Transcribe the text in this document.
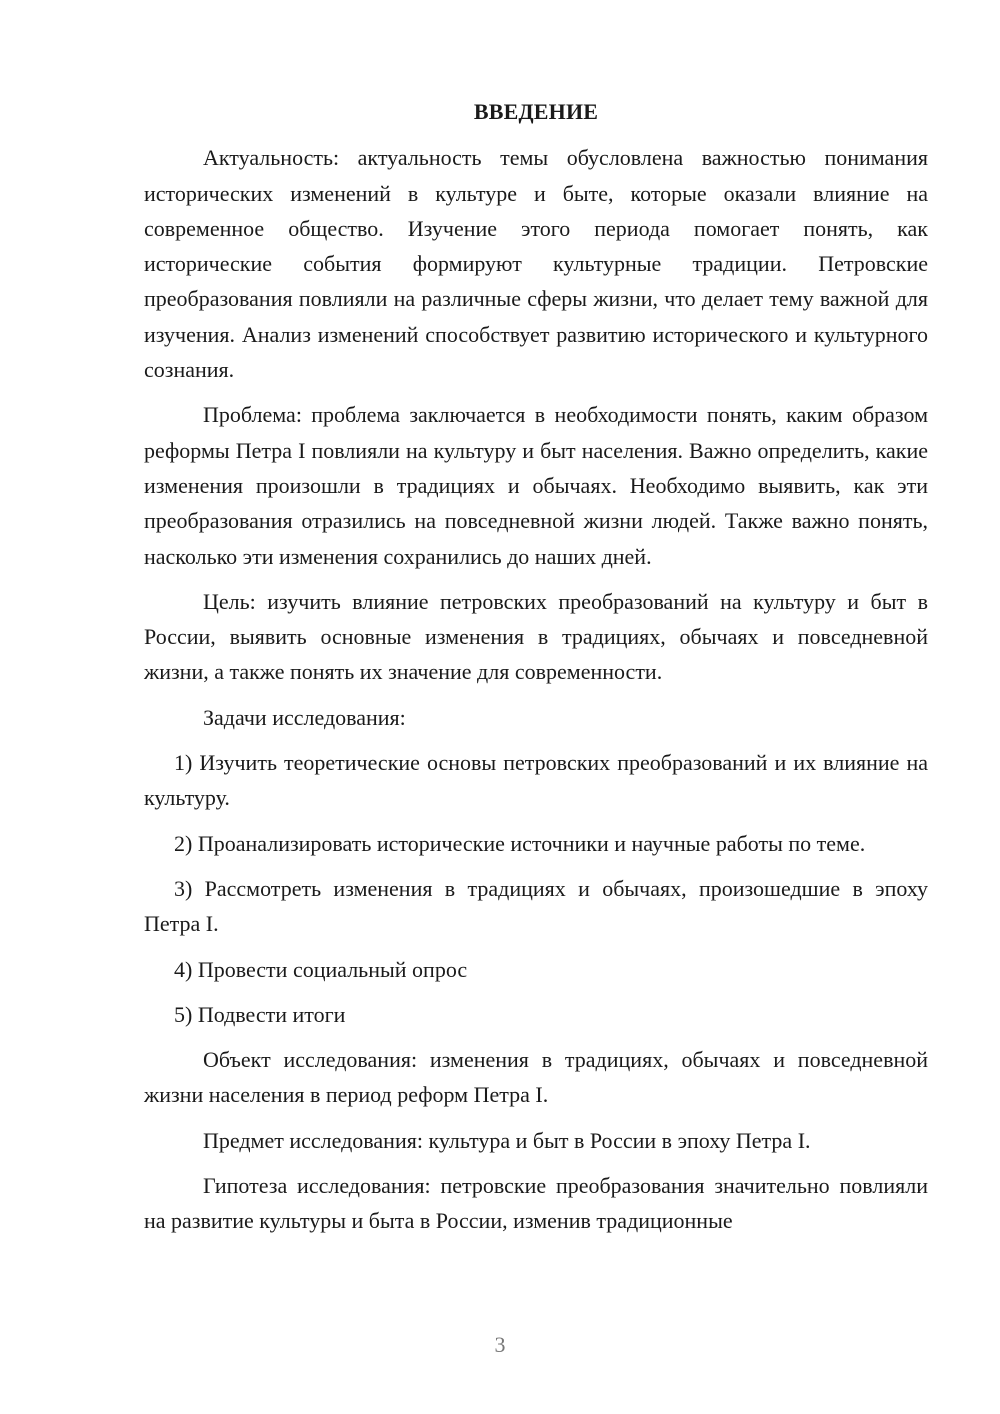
ВВЕДЕНИЕ

Актуальность: актуальность темы обусловлена важностью понимания исторических изменений в культуре и быте, которые оказали влияние на современное общество. Изучение этого периода помогает понять, как исторические события формируют культурные традиции. Петровские преобразования повлияли на различные сферы жизни, что делает тему важной для изучения. Анализ изменений способствует развитию исторического и культурного сознания.

Проблема: проблема заключается в необходимости понять, каким образом реформы Петра I повлияли на культуру и быт населения. Важно определить, какие изменения произошли в традициях и обычаях. Необходимо выявить, как эти преобразования отразились на повседневной жизни людей. Также важно понять, насколько эти изменения сохранились до наших дней.

Цель: изучить влияние петровских преобразований на культуру и быт в России, выявить основные изменения в традициях, обычаях и повседневной жизни, а также понять их значение для современности.

Задачи исследования:

1) Изучить теоретические основы петровских преобразований и их влияние на культуру.

2) Проанализировать исторические источники и научные работы по теме.

3) Рассмотреть изменения в традициях и обычаях, произошедшие в эпоху Петра I.

4) Провести социальный опрос

5) Подвести итоги

Объект исследования: изменения в традициях, обычаях и повседневной жизни населения в период реформ Петра I.

Предмет исследования: культура и быт в России в эпоху Петра I.

Гипотеза исследования: петровские преобразования значительно повлияли на развитие культуры и быта в России, изменив традиционные

3
